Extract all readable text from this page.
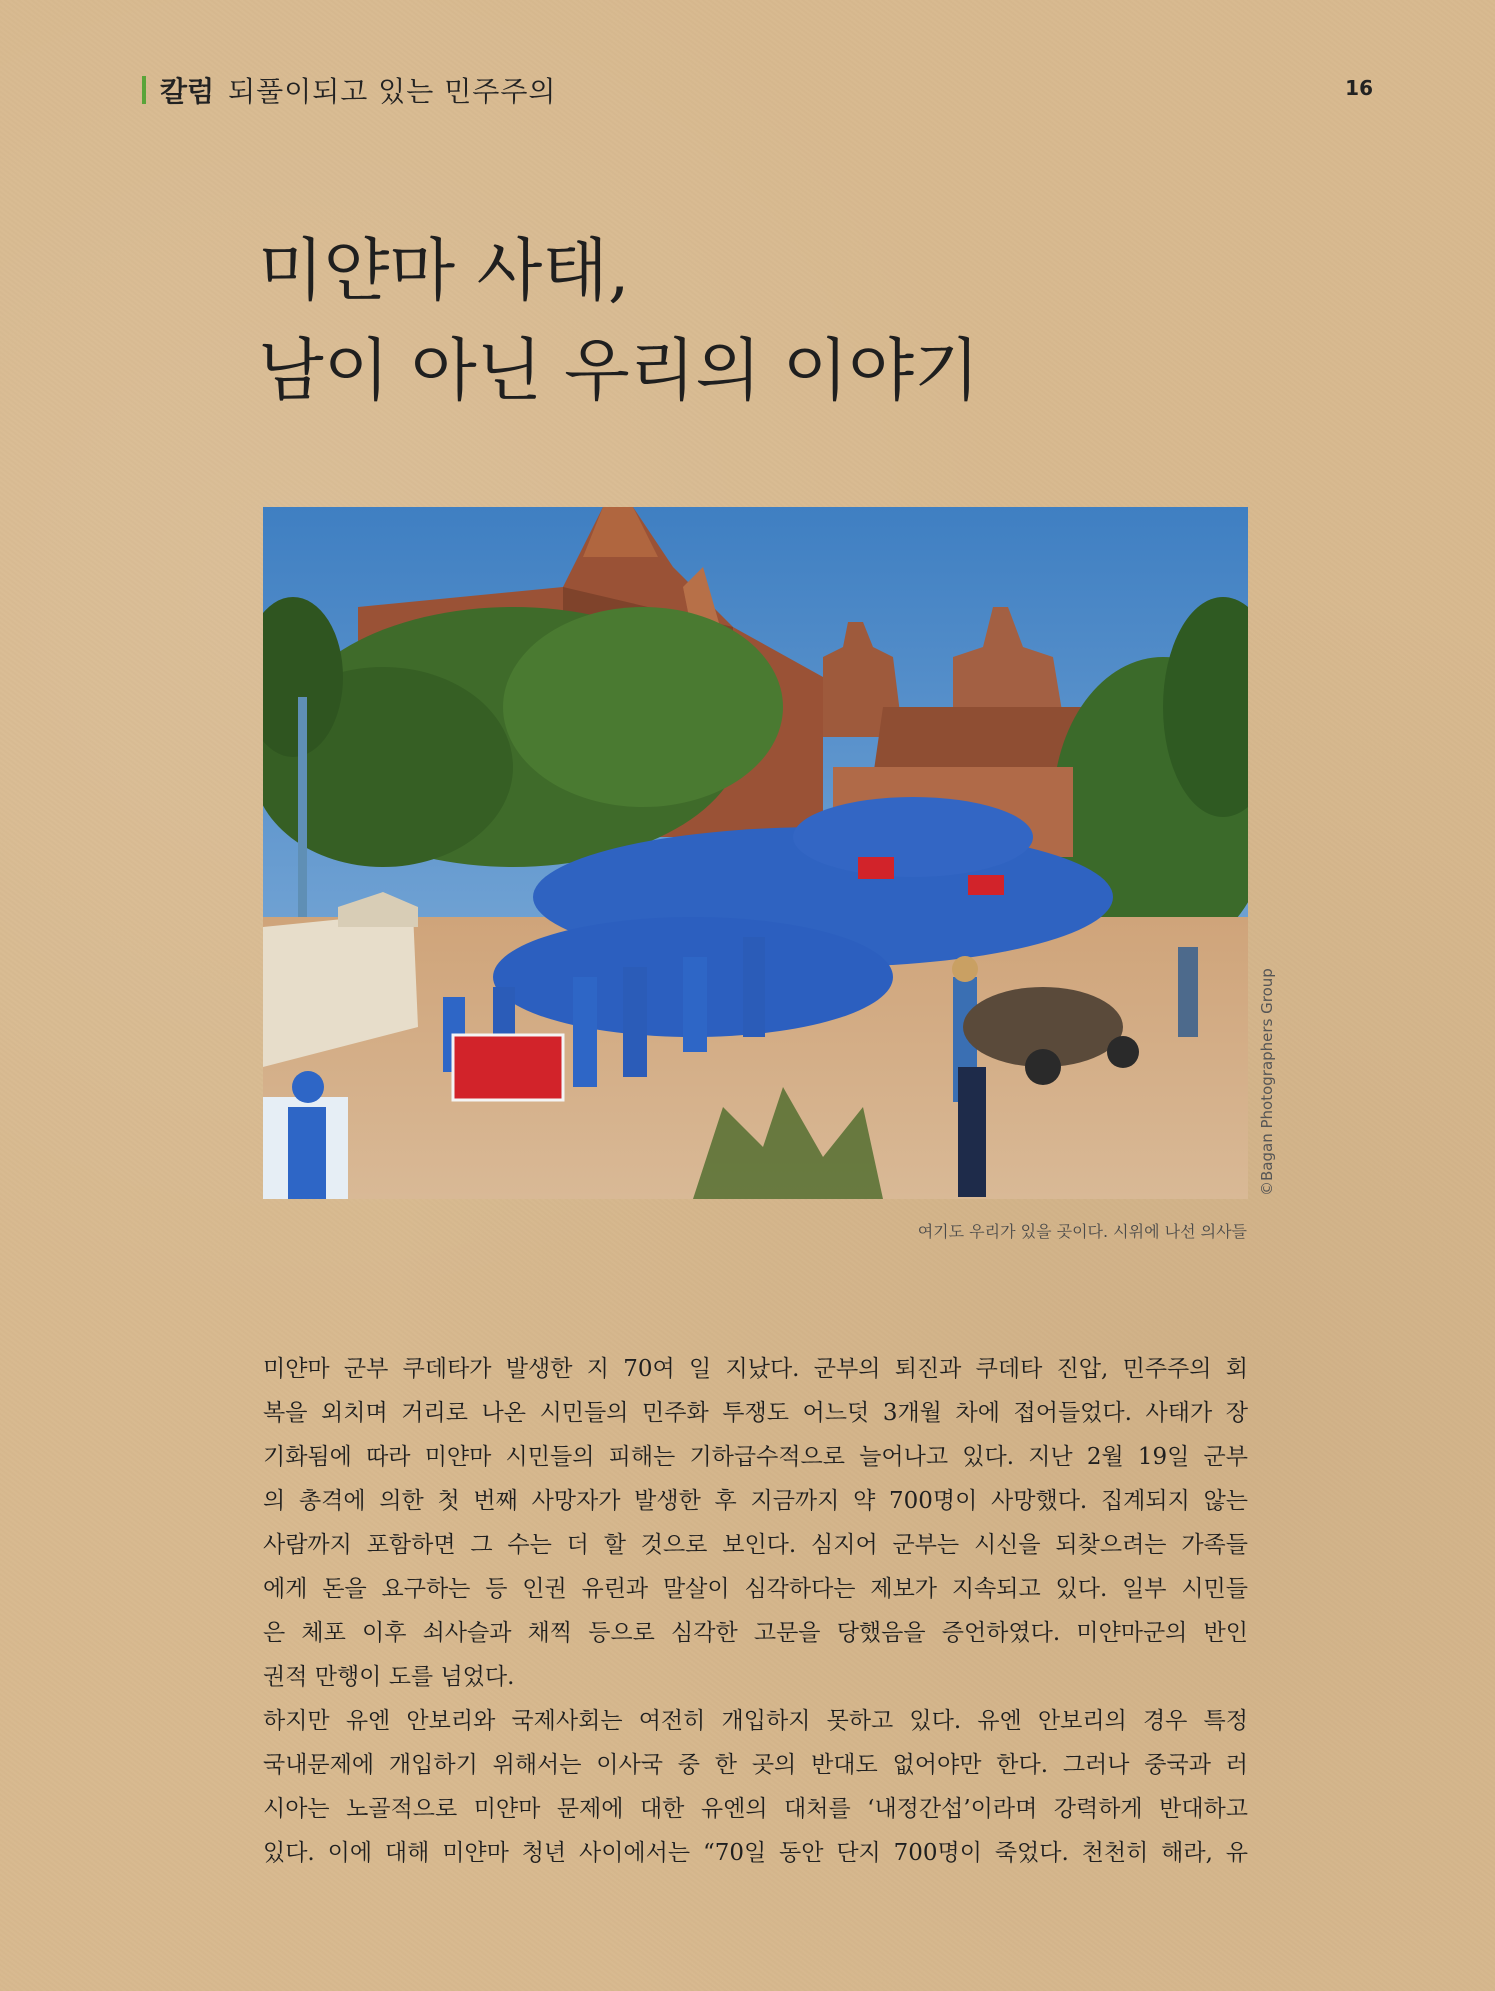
칼럼 되풀이되고 있는 민주주의	16
미얀마 사태,
남이 아닌 우리의 이야기
©Bagan Photographers Group
여기도 우리가 있을 곳이다. 시위에 나선 의사들

미얀마 군부 쿠데타가 발생한 지 70여 일 지났다. 군부의 퇴진과 쿠데타 진압, 민주주의 회
복을 외치며 거리로 나온 시민들의 민주화 투쟁도 어느덧 3개월 차에 접어들었다. 사태가 장
기화됨에 따라 미얀마 시민들의 피해는 기하급수적으로 늘어나고 있다. 지난 2월 19일 군부
의 총격에 의한 첫 번째 사망자가 발생한 후 지금까지 약 700명이 사망했다. 집계되지 않는
사람까지 포함하면 그 수는 더 할 것으로 보인다. 심지어 군부는 시신을 되찾으려는 가족들
에게 돈을 요구하는 등 인권 유린과 말살이 심각하다는 제보가 지속되고 있다. 일부 시민들
은 체포 이후 쇠사슬과 채찍 등으로 심각한 고문을 당했음을 증언하였다. 미얀마군의 반인
권적 만행이 도를 넘었다.

하지만 유엔 안보리와 국제사회는 여전히 개입하지 못하고 있다. 유엔 안보리의 경우 특정
국내문제에 개입하기 위해서는 이사국 중 한 곳의 반대도 없어야만 한다. 그러나 중국과 러
시아는 노골적으로 미얀마 문제에 대한 유엔의 대처를 ‘내정간섭’이라며 강력하게 반대하고
있다. 이에 대해 미얀마 청년 사이에서는 “70일 동안 단지 700명이 죽었다. 천천히 해라, 유
